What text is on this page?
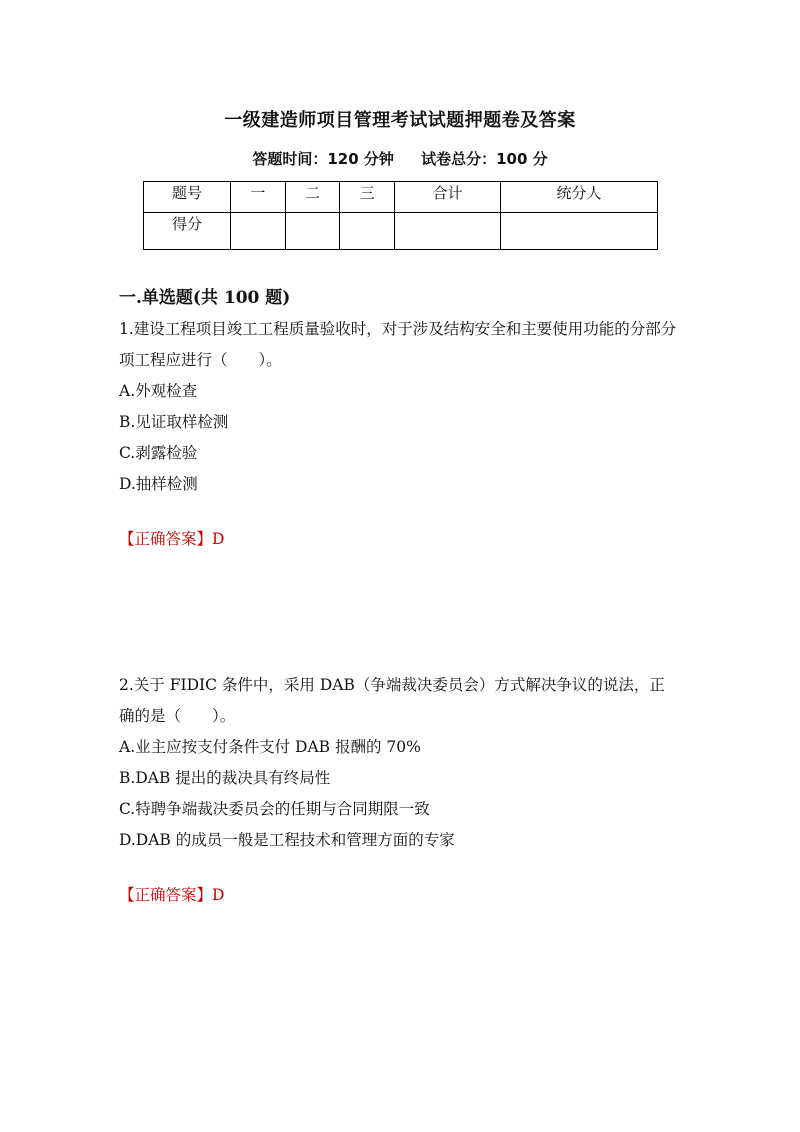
一级建造师项目管理考试试题押题卷及答案
答题时间：120 分钟 试卷总分：100 分
题号	一	二	三	合计	统分人
得分					
一.单选题(共 100 题)
1.建设工程项目竣工工程质量验收时，对于涉及结构安全和主要使用功能的分部分项工程应进行（　　）。
A.外观检查
B.见证取样检测
C.剥露检验
D.抽样检测
【正确答案】D
2.关于 FIDIC 条件中，采用 DAB（争端裁决委员会）方式解决争议的说法，正确的是（　　）。
A.业主应按支付条件支付 DAB 报酬的 70%
B.DAB 提出的裁决具有终局性
C.特聘争端裁决委员会的任期与合同期限一致
D.DAB 的成员一般是工程技术和管理方面的专家
【正确答案】D
